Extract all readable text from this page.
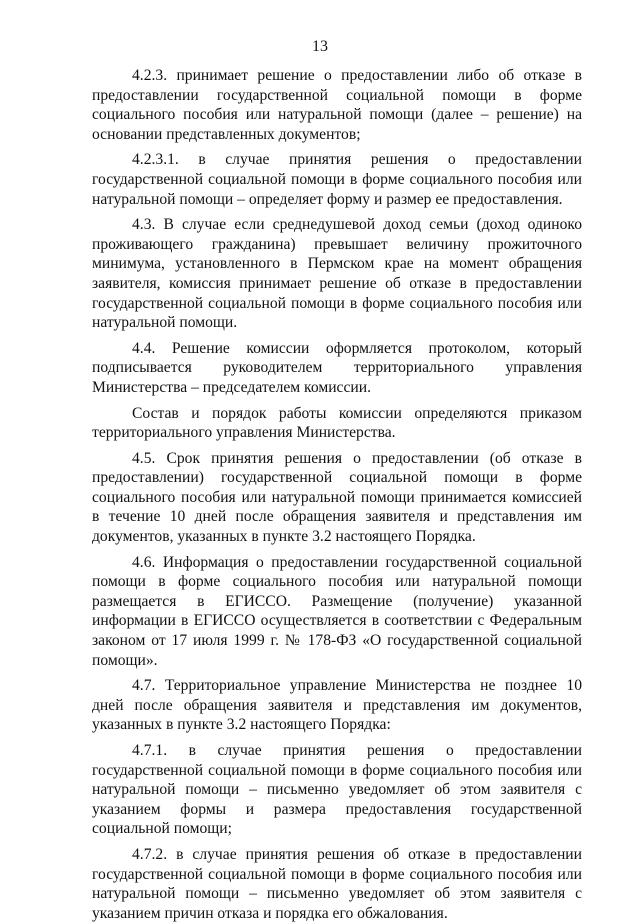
13

4.2.3. принимает решение о предоставлении либо об отказе в предоставлении государственной социальной помощи в форме социального пособия или натуральной помощи (далее – решение) на основании представленных документов;

4.2.3.1. в случае принятия решения о предоставлении государственной социальной помощи в форме социального пособия или натуральной помощи – определяет форму и размер ее предоставления.

4.3. В случае если среднедушевой доход семьи (доход одиноко проживающего гражданина) превышает величину прожиточного минимума, установленного в Пермском крае на момент обращения заявителя, комиссия принимает решение об отказе в предоставлении государственной социальной помощи в форме социального пособия или натуральной помощи.

4.4. Решение комиссии оформляется протоколом, который подписывается руководителем территориального управления Министерства – председателем комиссии.

Состав и порядок работы комиссии определяются приказом территориального управления Министерства.

4.5. Срок принятия решения о предоставлении (об отказе в предоставлении) государственной социальной помощи в форме социального пособия или натуральной помощи принимается комиссией в течение 10 дней после обращения заявителя и представления им документов, указанных в пункте 3.2 настоящего Порядка.

4.6. Информация о предоставлении государственной социальной помощи в форме социального пособия или натуральной помощи размещается в ЕГИССО. Размещение (получение) указанной информации в ЕГИССО осуществляется в соответствии с Федеральным законом от 17 июля 1999 г. № 178-ФЗ «О государственной социальной помощи».

4.7. Территориальное управление Министерства не позднее 10 дней после обращения заявителя и представления им документов, указанных в пункте 3.2 настоящего Порядка:

4.7.1. в случае принятия решения о предоставлении государственной социальной помощи в форме социального пособия или натуральной помощи – письменно уведомляет об этом заявителя с указанием формы и размера предоставления государственной социальной помощи;

4.7.2. в случае принятия решения об отказе в предоставлении государственной социальной помощи в форме социального пособия или натуральной помощи – письменно уведомляет об этом заявителя с указанием причин отказа и порядка его обжалования.
